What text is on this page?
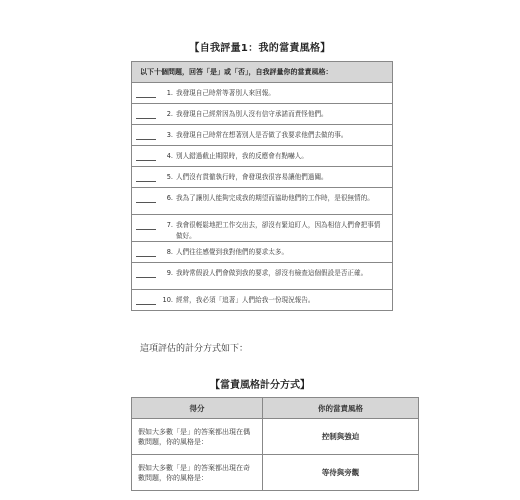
【自我評量1：我的當責風格】
以下十個問題，回答「是」或「否」，自我評量你的當責風格：
1. 我發現自己時常等著別人來回報。
2. 我發現自己經常因為別人沒有信守承諾而責怪他們。
3. 我發現自己時常在想著別人是否做了我要求他們去做的事。
4. 別人錯過截止期限時，我的反應會有點嚇人。
5. 人們沒有貫徹執行時，會發現我很容易讓他們過關。
6. 我為了讓別人能夠完成我的期望而協助他們的工作時，是很無情的。
7. 我會很輕鬆地把工作交出去，卻沒有緊迫盯人，因為相信人們會把事情做好。
8. 人們往往感覺到我對他們的要求太多。
9. 我時常假設人們會做到我的要求，卻沒有檢查這個假設是否正確。
10. 經常，我必須「追著」人們給我一份現況報告。
這項評估的計分方式如下：
【當責風格計分方式】
得分	你的當責風格
假如大多數「是」的答案都出現在偶數問題，你的風格是：	控制與強迫
假如大多數「是」的答案都出現在奇數問題，你的風格是：	等待與旁觀
